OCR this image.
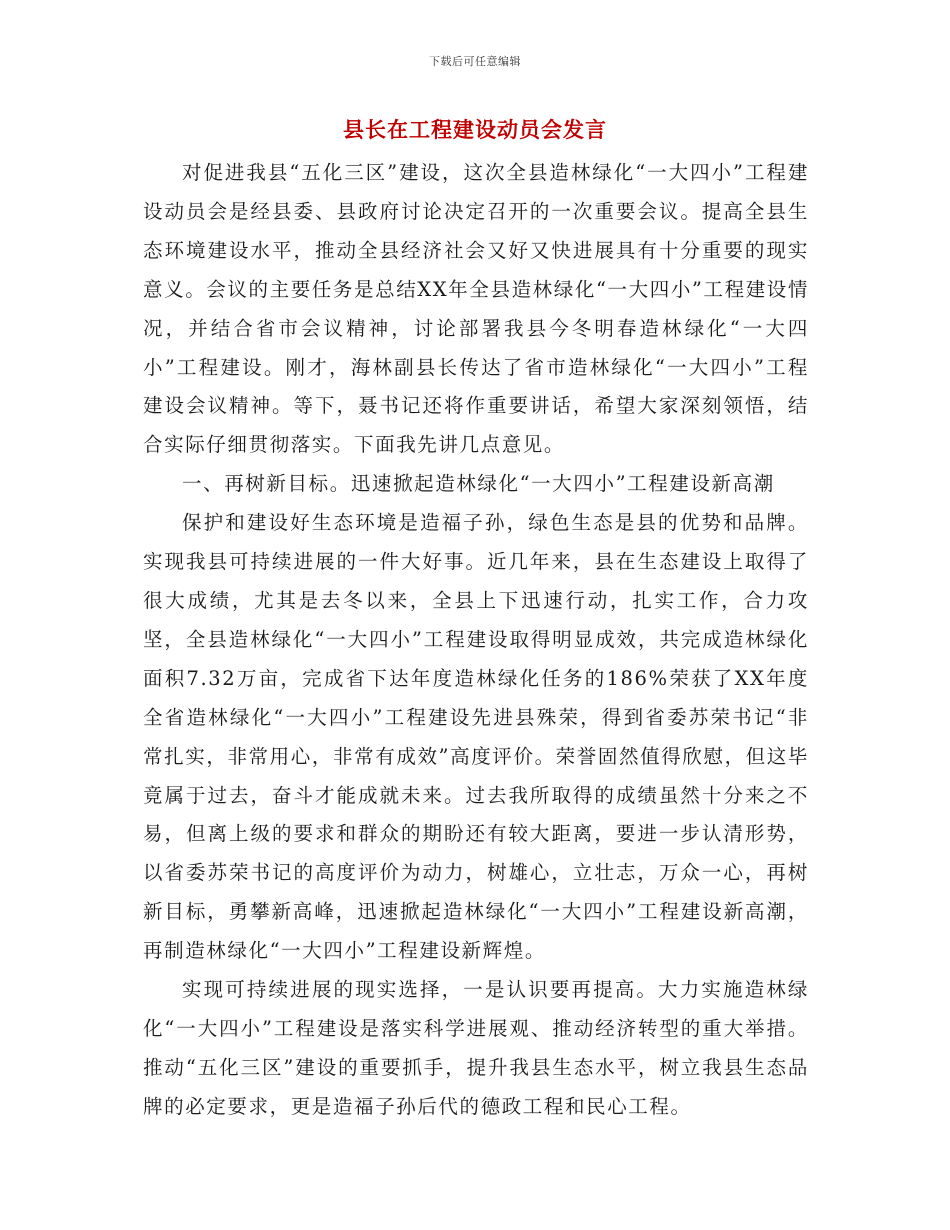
下载后可任意编辑
县长在工程建设动员会发言

对促进我县“五化三区”建设，这次全县造林绿化“一大四小”工程建设动员会是经县委、县政府讨论决定召开的一次重要会议。提高全县生态环境建设水平，推动全县经济社会又好又快进展具有十分重要的现实意义。会议的主要任务是总结XX年全县造林绿化“一大四小”工程建设情况，并结合省市会议精神，讨论部署我县今冬明春造林绿化“一大四小”工程建设。刚才，海林副县长传达了省市造林绿化“一大四小”工程建设会议精神。等下，聂书记还将作重要讲话，希望大家深刻领悟，结合实际仔细贯彻落实。下面我先讲几点意见。

一、再树新目标。迅速掀起造林绿化“一大四小”工程建设新高潮

保护和建设好生态环境是造福子孙，绿色生态是县的优势和品牌。实现我县可持续进展的一件大好事。近几年来，县在生态建设上取得了很大成绩，尤其是去冬以来，全县上下迅速行动，扎实工作，合力攻坚，全县造林绿化“一大四小”工程建设取得明显成效，共完成造林绿化面积7.32万亩，完成省下达年度造林绿化任务的186%荣获了XX年度全省造林绿化“一大四小”工程建设先进县殊荣，得到省委苏荣书记“非常扎实，非常用心，非常有成效”高度评价。荣誉固然值得欣慰，但这毕竟属于过去，奋斗才能成就未来。过去我所取得的成绩虽然十分来之不易，但离上级的要求和群众的期盼还有较大距离，要进一步认清形势，以省委苏荣书记的高度评价为动力，树雄心，立壮志，万众一心，再树新目标，勇攀新高峰，迅速掀起造林绿化“一大四小”工程建设新高潮，再制造林绿化“一大四小”工程建设新辉煌。

实现可持续进展的现实选择，一是认识要再提高。大力实施造林绿化“一大四小”工程建设是落实科学进展观、推动经济转型的重大举措。推动“五化三区”建设的重要抓手，提升我县生态水平，树立我县生态品牌的必定要求，更是造福子孙后代的德政工程和民心工程。
